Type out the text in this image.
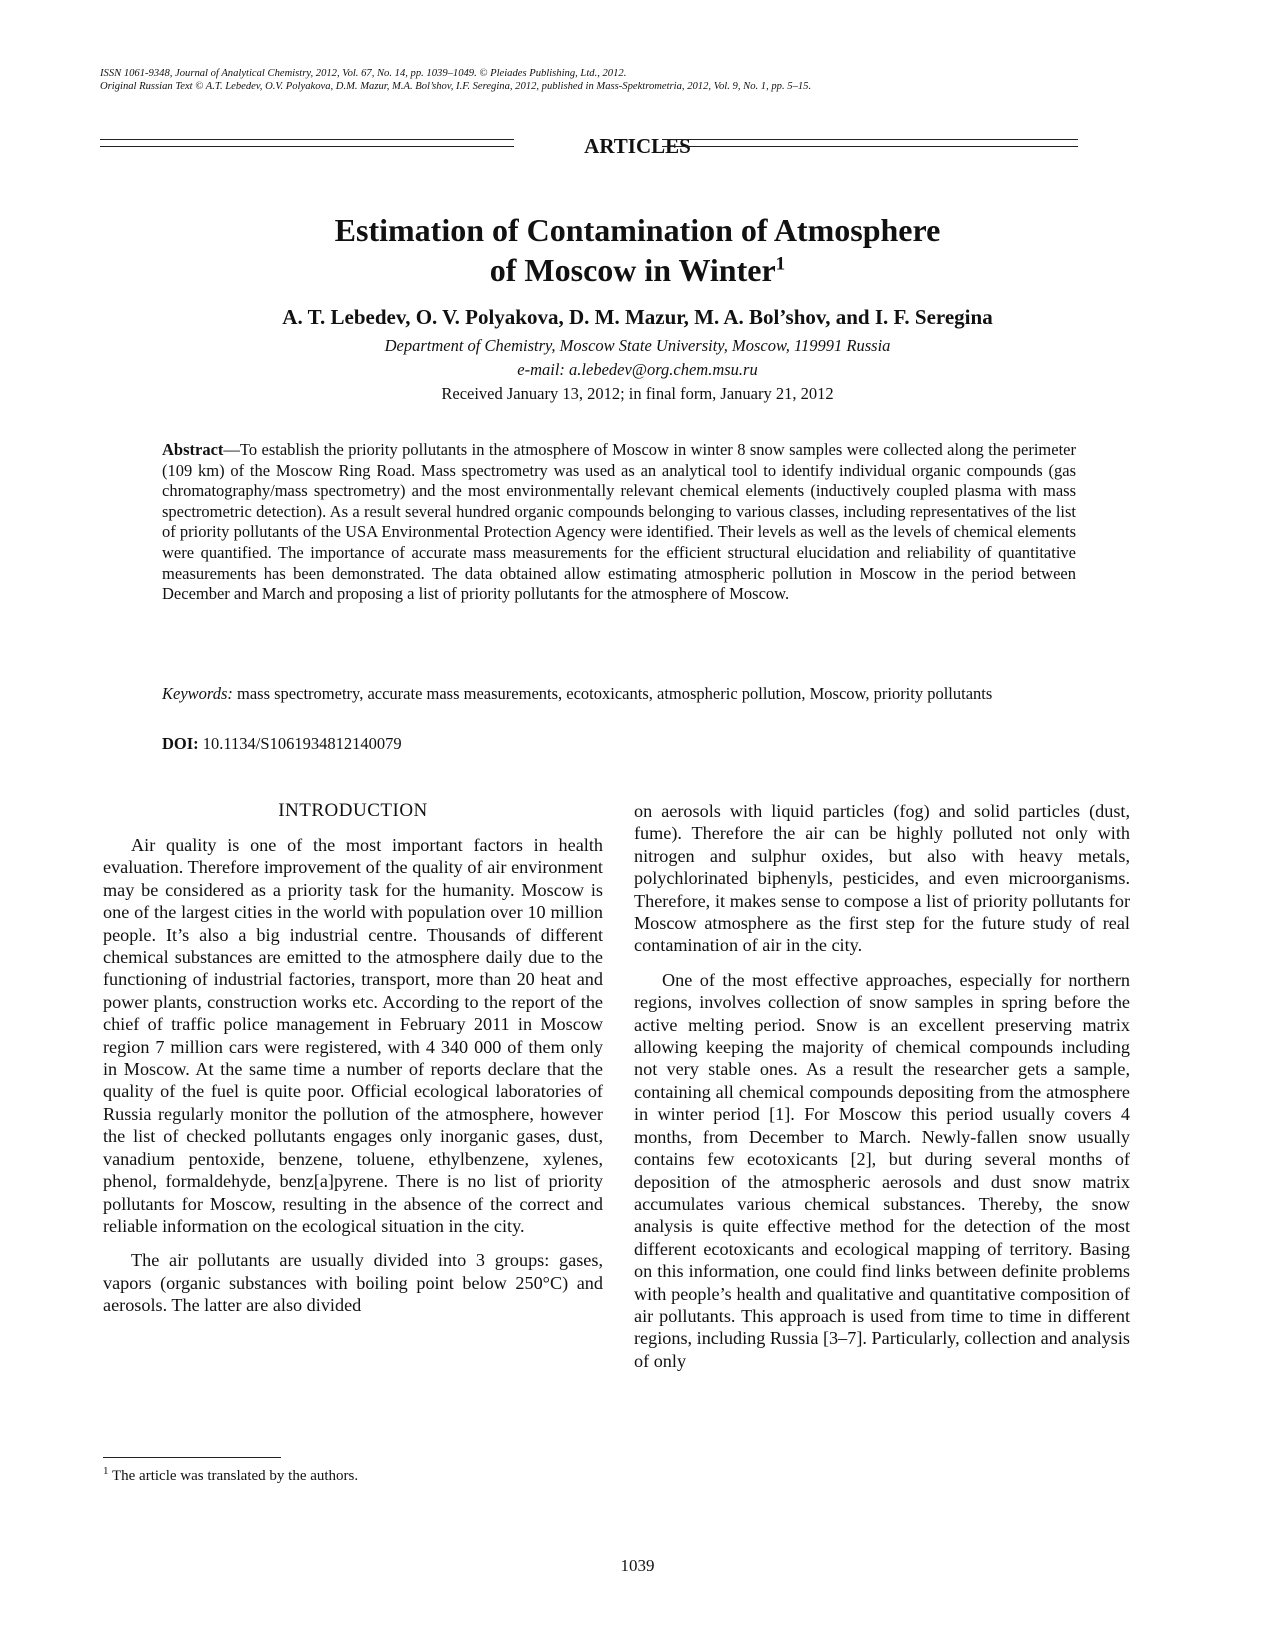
ISSN 1061-9348, Journal of Analytical Chemistry, 2012, Vol. 67, No. 14, pp. 1039–1049. © Pleiades Publishing, Ltd., 2012.
Original Russian Text © A.T. Lebedev, O.V. Polyakova, D.M. Mazur, M.A. Bol’shov, I.F. Seregina, 2012, published in Mass-Spektrometria, 2012, Vol. 9, No. 1, pp. 5–15.
ARTICLES
Estimation of Contamination of Atmosphere
of Moscow in Winter$^1$
A. T. Lebedev, O. V. Polyakova, D. M. Mazur, M. A. Bol’shov, and I. F. Seregina
Department of Chemistry, Moscow State University, Moscow, 119991 Russia
e-mail: a.lebedev@org.chem.msu.ru
Received January 13, 2012; in final form, January 21, 2012
Abstract—To establish the priority pollutants in the atmosphere of Moscow in winter 8 snow samples were collected along the perimeter (109 km) of the Moscow Ring Road. Mass spectrometry was used as an analytical tool to identify individual organic compounds (gas chromatography/mass spectrometry) and the most environmentally relevant chemical elements (inductively coupled plasma with mass spectrometric detection). As a result several hundred organic compounds belonging to various classes, including representatives of the list of priority pollutants of the USA Environmental Protection Agency were identified. Their levels as well as the levels of chemical elements were quantified. The importance of accurate mass measurements for the efficient structural elucidation and reliability of quantitative measurements has been demonstrated. The data obtained allow estimating atmospheric pollution in Moscow in the period between December and March and proposing a list of priority pollutants for the atmosphere of Moscow.
Keywords: mass spectrometry, accurate mass measurements, ecotoxicants, atmospheric pollution, Moscow, priority pollutants
DOI: 10.1134/S1061934812140079
INTRODUCTION

Air quality is one of the most important factors in health evaluation. Therefore improvement of the quality of air environment may be considered as a priority task for the humanity. Moscow is one of the largest cities in the world with population over 10 million people. It’s also a big industrial centre. Thousands of different chemical substances are emitted to the atmosphere daily due to the functioning of industrial factories, transport, more than 20 heat and power plants, construction works etc. According to the report of the chief of traffic police management in February 2011 in Moscow region 7 million cars were registered, with 4 340 000 of them only in Moscow. At the same time a number of reports declare that the quality of the fuel is quite poor. Official ecological laboratories of Russia regularly monitor the pollution of the atmosphere, however the list of checked pollutants engages only inorganic gases, dust, vanadium pentoxide, benzene, toluene, ethylbenzene, xylenes, phenol, formaldehyde, benz[a]pyrene. There is no list of priority pollutants for Moscow, resulting in the absence of the correct and reliable information on the ecological situation in the city.

The air pollutants are usually divided into 3 groups: gases, vapors (organic substances with boiling point below 250°C) and aerosols. The latter are also divided

on aerosols with liquid particles (fog) and solid particles (dust, fume). Therefore the air can be highly polluted not only with nitrogen and sulphur oxides, but also with heavy metals, polychlorinated biphenyls, pesticides, and even microorganisms. Therefore, it makes sense to compose a list of priority pollutants for Moscow atmosphere as the first step for the future study of real contamination of air in the city.

One of the most effective approaches, especially for northern regions, involves collection of snow samples in spring before the active melting period. Snow is an excellent preserving matrix allowing keeping the majority of chemical compounds including not very stable ones. As a result the researcher gets a sample, containing all chemical compounds depositing from the atmosphere in winter period [1]. For Moscow this period usually covers 4 months, from December to March. Newly-fallen snow usually contains few ecotoxicants [2], but during several months of deposition of the atmospheric aerosols and dust snow matrix accumulates various chemical substances. Thereby, the snow analysis is quite effective method for the detection of the most different ecotoxicants and ecological mapping of territory. Basing on this information, one could find links between definite problems with people’s health and qualitative and quantitative composition of air pollutants. This approach is used from time to time in different regions, including Russia [3–7]. Particularly, collection and analysis of only

$^1$ The article was translated by the authors.
1039
